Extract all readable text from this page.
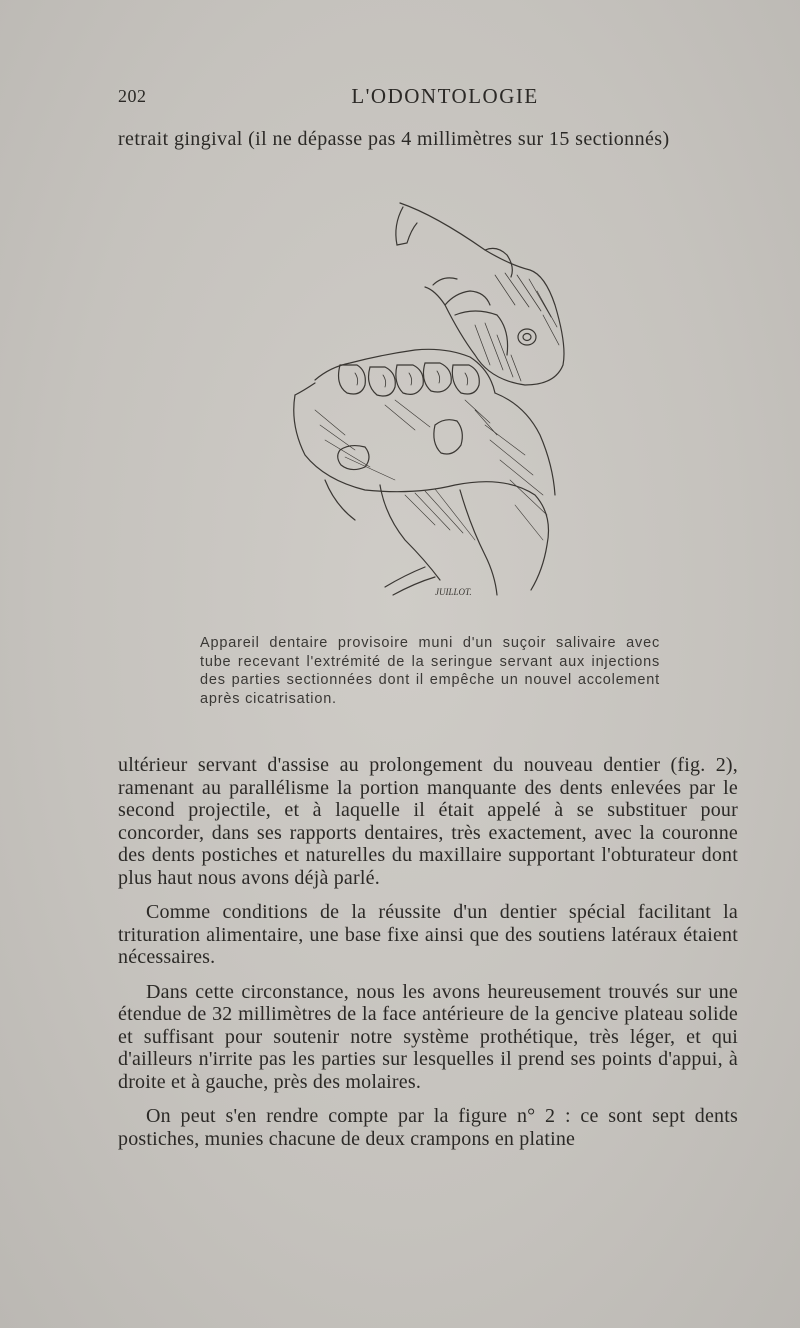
202	L'ODONTOLOGIE
retrait gingival (il ne dépasse pas 4 millimètres sur 15 sectionnés)
JUILLOT.
Appareil dentaire provisoire muni d'un suçoir salivaire avec tube recevant l'extrémité de la seringue servant aux injections des parties sectionnées dont il empêche un nouvel accolement après cicatrisation.

ultérieur servant d'assise au prolongement du nouveau dentier (fig. 2), ramenant au parallélisme la portion manquante des dents enlevées par le second projectile, et à laquelle il était appelé à se substituer pour concorder, dans ses rapports dentaires, très exactement, avec la couronne des dents postiches et naturelles du maxillaire supportant l'obturateur dont plus haut nous avons déjà parlé.

Comme conditions de la réussite d'un dentier spécial facilitant la trituration alimentaire, une base fixe ainsi que des soutiens latéraux étaient nécessaires.

Dans cette circonstance, nous les avons heureusement trouvés sur une étendue de 32 millimètres de la face antérieure de la gencive plateau solide et suffisant pour soutenir notre système prothétique, très léger, et qui d'ailleurs n'irrite pas les parties sur lesquelles il prend ses points d'appui, à droite et à gauche, près des molaires.

On peut s'en rendre compte par la figure n° 2 : ce sont sept dents postiches, munies chacune de deux crampons en platine
